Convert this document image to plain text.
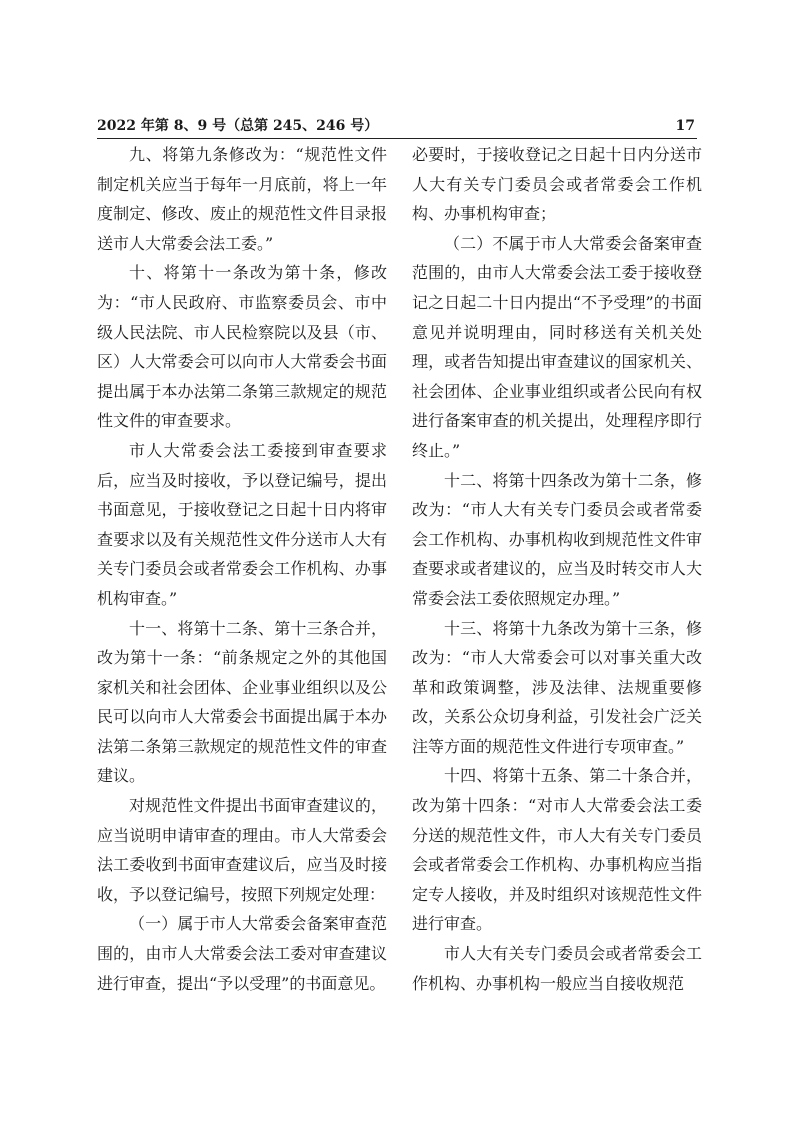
2022 年第 8、9 号（总第 245、246 号）	17

九、将第九条修改为：“规范性文件制定机关应当于每年一月底前，将上一年度制定、修改、废止的规范性文件目录报送市人大常委会法工委。”

十、将第十一条改为第十条，修改为：“市人民政府、市监察委员会、市中级人民法院、市人民检察院以及县（市、区）人大常委会可以向市人大常委会书面提出属于本办法第二条第三款规定的规范性文件的审查要求。

市人大常委会法工委接到审查要求后，应当及时接收，予以登记编号，提出书面意见，于接收登记之日起十日内将审查要求以及有关规范性文件分送市人大有关专门委员会或者常委会工作机构、办事机构审查。”

十一、将第十二条、第十三条合并，改为第十一条：“前条规定之外的其他国家机关和社会团体、企业事业组织以及公民可以向市人大常委会书面提出属于本办法第二条第三款规定的规范性文件的审查建议。

对规范性文件提出书面审查建议的，应当说明申请审查的理由。市人大常委会法工委收到书面审查建议后，应当及时接收，予以登记编号，按照下列规定处理：

（一）属于市人大常委会备案审查范围的，由市人大常委会法工委对审查建议进行审查，提出“予以受理”的书面意见。

必要时，于接收登记之日起十日内分送市人大有关专门委员会或者常委会工作机构、办事机构审查；

（二）不属于市人大常委会备案审查范围的，由市人大常委会法工委于接收登记之日起二十日内提出“不予受理”的书面意见并说明理由，同时移送有关机关处理，或者告知提出审查建议的国家机关、社会团体、企业事业组织或者公民向有权进行备案审查的机关提出，处理程序即行终止。”

十二、将第十四条改为第十二条，修改为：“市人大有关专门委员会或者常委会工作机构、办事机构收到规范性文件审查要求或者建议的，应当及时转交市人大常委会法工委依照规定办理。”

十三、将第十九条改为第十三条，修改为：“市人大常委会可以对事关重大改革和政策调整，涉及法律、法规重要修改，关系公众切身利益，引发社会广泛关注等方面的规范性文件进行专项审查。”

十四、将第十五条、第二十条合并，改为第十四条：“对市人大常委会法工委分送的规范性文件，市人大有关专门委员会或者常委会工作机构、办事机构应当指定专人接收，并及时组织对该规范性文件进行审查。

市人大有关专门委员会或者常委会工作机构、办事机构一般应当自接收规范
